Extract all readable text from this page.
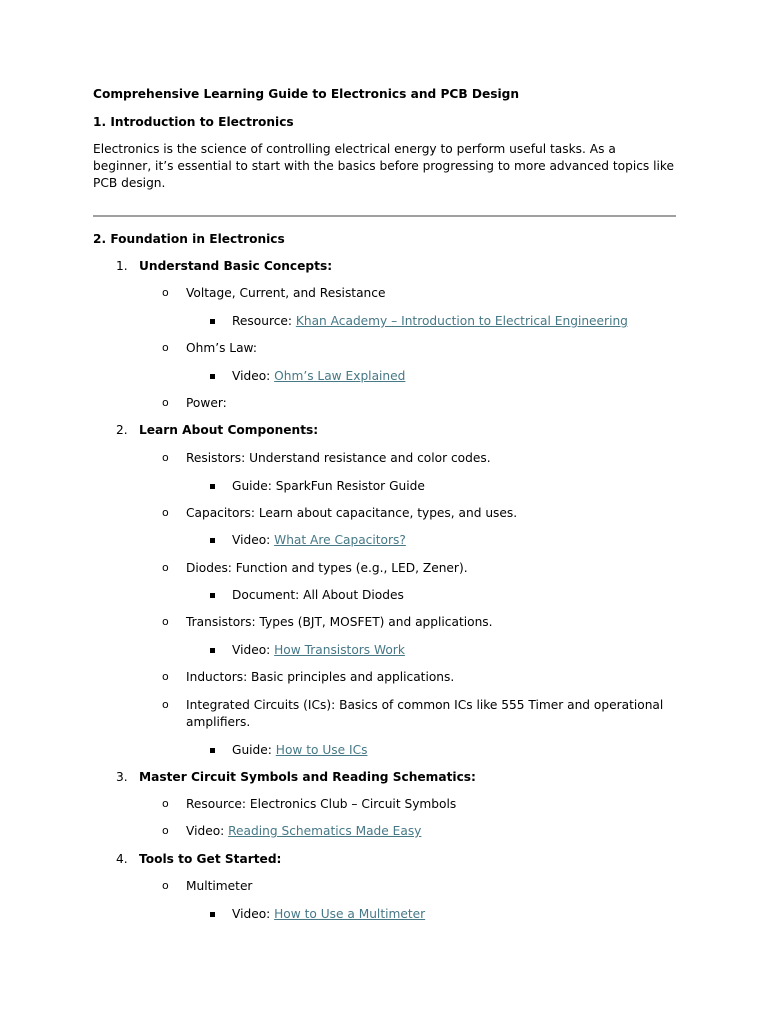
Comprehensive Learning Guide to Electronics and PCB Design
1. Introduction to Electronics
Electronics is the science of controlling electrical energy to perform useful tasks. As a beginner, it’s essential to start with the basics before progressing to more advanced topics like PCB design.
2. Foundation in Electronics
1. Understand Basic Concepts:
o Voltage, Current, and Resistance
Resource: Khan Academy – Introduction to Electrical Engineering
o Ohm’s Law:
Video: Ohm’s Law Explained
o Power:
2. Learn About Components:
o Resistors: Understand resistance and color codes.
Guide: SparkFun Resistor Guide
o Capacitors: Learn about capacitance, types, and uses.
Video: What Are Capacitors?
o Diodes: Function and types (e.g., LED, Zener).
Document: All About Diodes
o Transistors: Types (BJT, MOSFET) and applications.
Video: How Transistors Work
o Inductors: Basic principles and applications.
o Integrated Circuits (ICs): Basics of common ICs like 555 Timer and operational amplifiers.
Guide: How to Use ICs
3. Master Circuit Symbols and Reading Schematics:
o Resource: Electronics Club – Circuit Symbols
o Video: Reading Schematics Made Easy
4. Tools to Get Started:
o Multimeter
Video: How to Use a Multimeter
